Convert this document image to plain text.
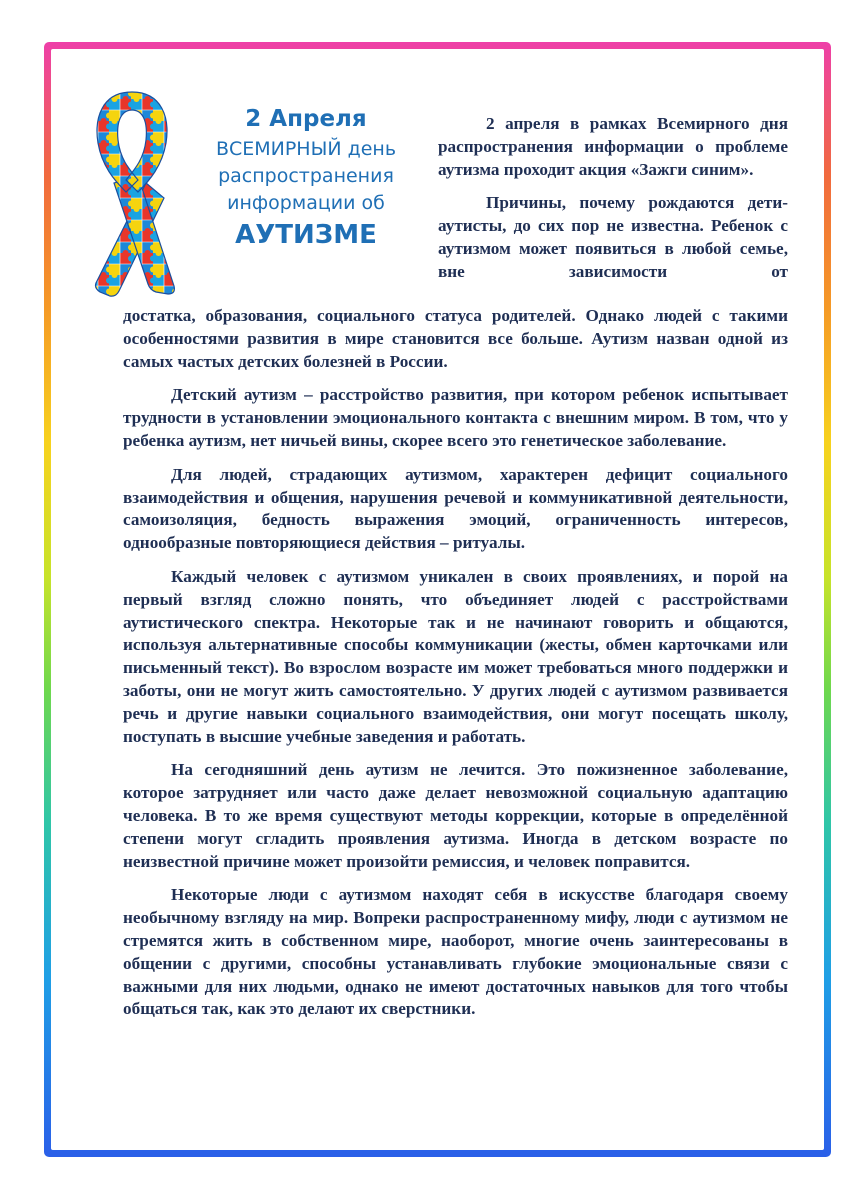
2 Апреля
ВСЕМИРНЫЙ день
распространения
информации об
АУТИЗМЕ

2 апреля в рамках Всемирного дня распространения информации о проблеме аутизма проходит акция «Зажги синим».

Причины, почему рождаются дети-аутисты, до сих пор не известна. Ребенок с аутизмом может появиться в любой семье, вне зависимости от

достатка, образования, социального статуса родителей. Однако людей с такими особенностями развития в мире становится все больше. Аутизм назван одной из самых частых детских болезней в России.

Детский аутизм – расстройство развития, при котором ребенок испытывает трудности в установлении эмоционального контакта с внешним миром. В том, что у ребенка аутизм, нет ничьей вины, скорее всего это генетическое заболевание.

Для людей, страдающих аутизмом, характерен дефицит социального взаимодействия и общения, нарушения речевой и коммуникативной деятельности, самоизоляция, бедность выражения эмоций, ограниченность интересов, однообразные повторяющиеся действия – ритуалы.

Каждый человек с аутизмом уникален в своих проявлениях, и порой на первый взгляд сложно понять, что объединяет людей с расстройствами аутистического спектра. Некоторые так и не начинают говорить и общаются, используя альтернативные способы коммуникации (жесты, обмен карточками или письменный текст). Во взрослом возрасте им может требоваться много поддержки и заботы, они не могут жить самостоятельно. У других людей с аутизмом развивается речь и другие навыки социального взаимодействия, они могут посещать школу, поступать в высшие учебные заведения и работать.

На сегодняшний день аутизм не лечится. Это пожизненное заболевание, которое затрудняет или часто даже делает невозможной социальную адаптацию человека. В то же время существуют методы коррекции, которые в определённой степени могут сгладить проявления аутизма. Иногда в детском возрасте по неизвестной причине может произойти ремиссия, и человек поправится.

Некоторые люди с аутизмом находят себя в искусстве благодаря своему необычному взгляду на мир. Вопреки распространенному мифу, люди с аутизмом не стремятся жить в собственном мире, наоборот, многие очень заинтересованы в общении с другими, способны устанавливать глубокие эмоциональные связи с важными для них людьми, однако не имеют достаточных навыков для того чтобы общаться так, как это делают их сверстники.
